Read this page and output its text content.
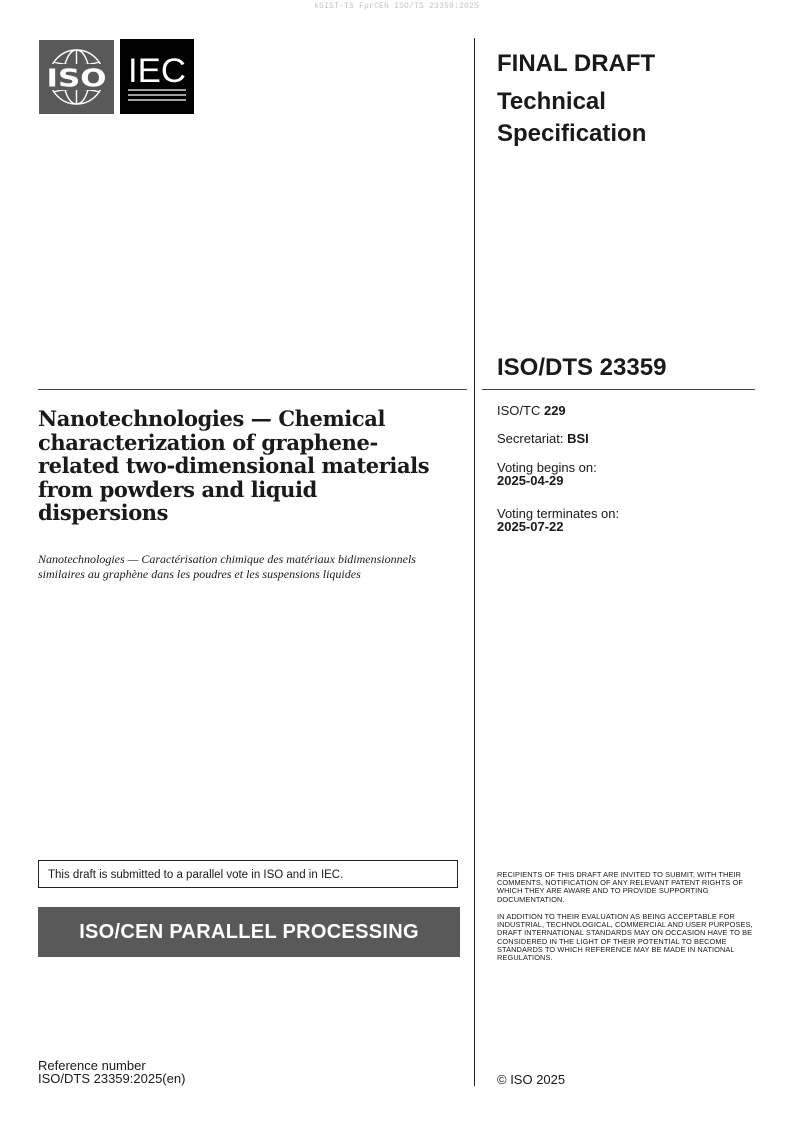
kSIST-TS FprCEN ISO/TS 23359:2025
ISO IEC	FINAL DRAFT
Technical Specification
ISO/DTS 23359
ISO/TC 229
Secretariat: BSI
Voting begins on:
2025-04-29
Voting terminates on:
2025-07-22
Nanotechnologies — Chemical characterization of graphene-related two-dimensional materials from powders and liquid dispersions
Nanotechnologies — Caractérisation chimique des matériaux bidimensionnels similaires au graphène dans les poudres et les suspensions liquides
This draft is submitted to a parallel vote in ISO and in IEC.
ISO/CEN PARALLEL PROCESSING
RECIPIENTS OF THIS DRAFT ARE INVITED TO SUBMIT, WITH THEIR COMMENTS, NOTIFICATION OF ANY RELEVANT PATENT RIGHTS OF WHICH THEY ARE AWARE AND TO PROVIDE SUPPORTING DOCUMENTATION.
IN ADDITION TO THEIR EVALUATION AS BEING ACCEPTABLE FOR INDUSTRIAL, TECHNOLOGICAL, COMMERCIAL AND USER PURPOSES, DRAFT INTERNATIONAL STANDARDS MAY ON OCCASION HAVE TO BE CONSIDERED IN THE LIGHT OF THEIR POTENTIAL TO BECOME STANDARDS TO WHICH REFERENCE MAY BE MADE IN NATIONAL REGULATIONS.
Reference number
ISO/DTS 23359:2025(en)	© ISO 2025
